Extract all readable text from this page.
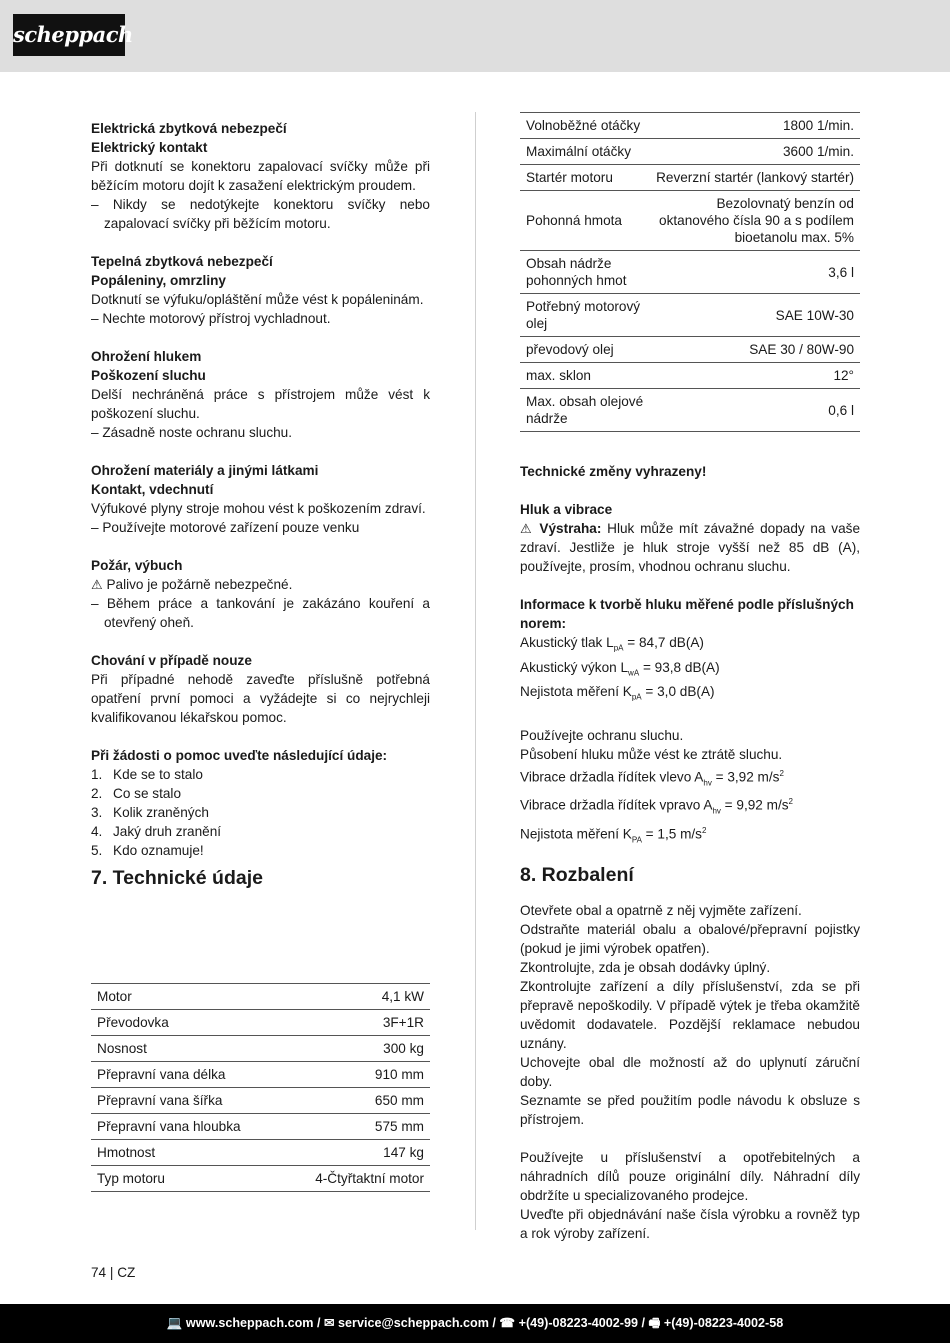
scheppach

Elektrická zbytková nebezpečí

Elektrický kontakt

Při dotknutí se konektoru zapalovací svíčky může při běžícím motoru dojít k zasažení elektrickým proudem.

– Nikdy se nedotýkejte konektoru svíčky nebo zapalovací svíčky při běžícím motoru.

Tepelná zbytková nebezpečí

Popáleniny, omrzliny

Dotknutí se výfuku/opláštění může vést k popáleninám.

– Nechte motorový přístroj vychladnout.

Ohrožení hlukem

Poškození sluchu

Delší nechráněná práce s přístrojem může vést k poškození sluchu.

– Zásadně noste ochranu sluchu.

Ohrožení materiály a jinými látkami

Kontakt, vdechnutí

Výfukové plyny stroje mohou vést k poškozením zdraví.

– Používejte motorové zařízení pouze venku

Požár, výbuch

⚠ Palivo je požárně nebezpečné.

– Během práce a tankování je zakázáno kouření a otevřený oheň.

Chování v případě nouze

Při případné nehodě zaveďte příslušně potřebná opatření první pomoci a vyžádejte si co nejrychleji kvalifikovanou lékařskou pomoc.

Při žádosti o pomoc uveďte následující údaje:

1. Kde se to stalo
2. Co se stalo
3. Kolik zraněných
4. Jaký druh zranění
5. Kdo oznamuje!
7. Technické údaje
Motor	4,1 kW
Převodovka	3F+1R
Nosnost	300 kg
Přepravní vana délka	910 mm
Přepravní vana šířka	650 mm
Přepravní vana hloubka	575 mm
Hmotnost	147 kg
Typ motoru	4-Čtyřtaktní motor
Volnoběžné otáčky	1800 1/min.
Maximální otáčky	3600 1/min.
Startér motoru	Reverzní startér (lankový startér)
Pohonná hmota	Bezolovnatý benzín od oktanového čísla 90 a s podílem bioetanolu max. 5%
Obsah nádrže pohonných hmot	3,6 l
Potřebný motorový olej	SAE 10W-30
převodový olej	SAE 30 / 80W-90
max. sklon	12°
Max. obsah olejové nádrže	0,6 l

Technické změny vyhrazeny!

Hluk a vibrace

⚠ Výstraha: Hluk může mít závažné dopady na vaše zdraví. Jestliže je hluk stroje vyšší než 85 dB (A), používejte, prosím, vhodnou ochranu sluchu.

Informace k tvorbě hluku měřené podle příslušných norem:

Akustický tlak $L_{pA} = 84,7$ dB(A)

Akustický výkon $L_{wA} = 93,8$ dB(A)

Nejistota měření $K_{pA} = 3,0$ dB(A)

Používejte ochranu sluchu.

Působení hluku může vést ke ztrátě sluchu.

Vibrace držadla řídítek vlevo $A_{hv} = 3,92$ $m/s^2$

Vibrace držadla řídítek vpravo $A_{hv} = 9,92$ $m/s^2$

Nejistota měření $K_{PA} = 1,5$ $m/s^2$

8. Rozbalení

Otevřete obal a opatrně z něj vyjměte zařízení.

Odstraňte materiál obalu a obalové/přepravní pojistky (pokud je jimi výrobek opatřen).

Zkontrolujte, zda je obsah dodávky úplný.

Zkontrolujte zařízení a díly příslušenství, zda se při přepravě nepoškodily. V případě výtek je třeba okamžitě uvědomit dodavatele. Pozdější reklamace nebudou uznány.

Uchovejte obal dle možností až do uplynutí záruční doby.

Seznamte se před použitím podle návodu k obsluze s přístrojem.

Používejte u příslušenství a opotřebitelných a náhradních dílů pouze originální díly. Náhradní díly obdržíte u specializovaného prodejce.

Uveďte při objednávání naše čísla výrobku a rovněž typ a rok výroby zařízení.

74 | CZ
💻 www.scheppach.com / ✉ service@scheppach.com / ☎ +(49)-08223-4002-99 / 🖷 +(49)-08223-4002-58
